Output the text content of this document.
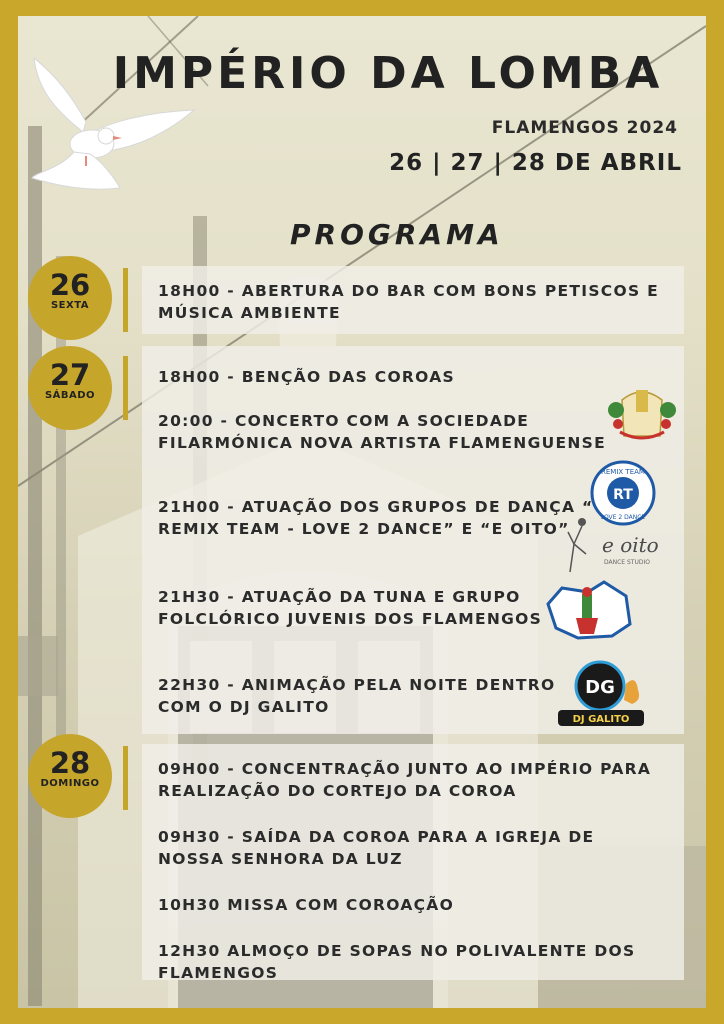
IMPÉRIO DA LOMBA
FLAMENGOS 2024
26 | 27 | 28 DE ABRIL
PROGRAMA
26
SEXTA
18H00 - ABERTURA DO BAR COM BONS PETISCOS E
MÚSICA AMBIENTE
27
SÁBADO
18H00 - BENÇÃO DAS COROAS
20:00 - CONCERTO COM A SOCIEDADE
FILARMÓNICA NOVA ARTISTA FLAMENGUENSE
21H00 - ATUAÇÃO DOS GRUPOS DE DANÇA “
REMIX TEAM - LOVE 2 DANCE” E “E OITO”
21H30 - ATUAÇÃO DA TUNA E GRUPO
FOLCLÓRICO JUVENIS DOS FLAMENGOS
22H30 - ANIMAÇÃO PELA NOITE DENTRO
COM O DJ GALITO
28
DOMINGO
09H00 - CONCENTRAÇÃO JUNTO AO IMPÉRIO PARA
REALIZAÇÃO DO CORTEJO DA COROA
09H30 - SAÍDA DA COROA PARA A IGREJA DE
NOSSA SENHORA DA LUZ
10H30 MISSA COM COROAÇÃO
12H30 ALMOÇO DE SOPAS NO POLIVALENTE DOS
FLAMENGOS
RT
REMIX TEAM
LOVE 2 DANCE
e oito
DANCE STUDIO
DG
DJ GALITO
